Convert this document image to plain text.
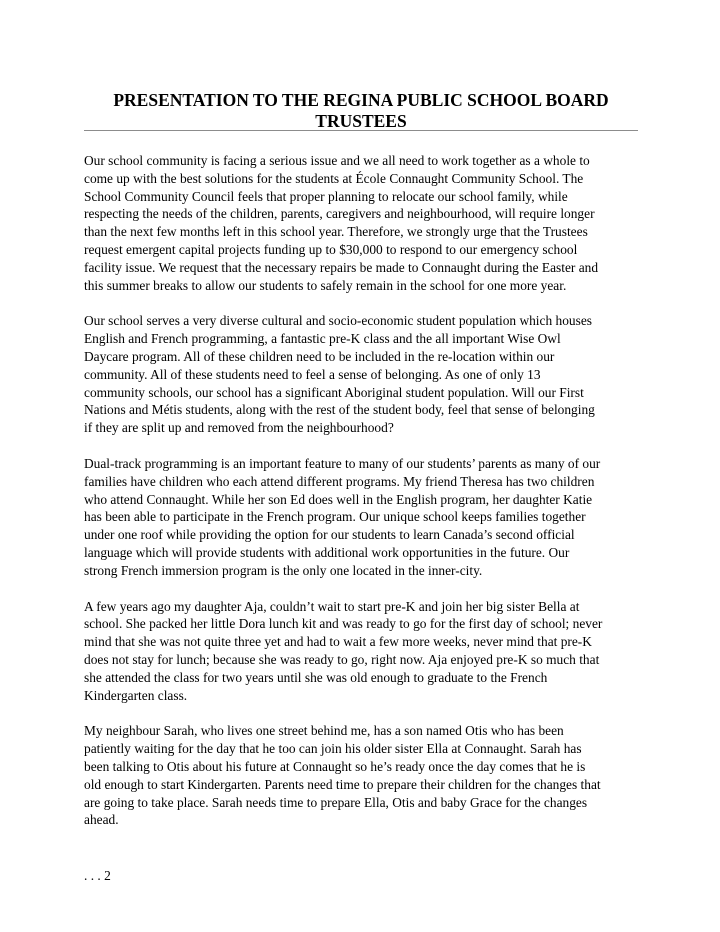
PRESENTATION TO THE REGINA PUBLIC SCHOOL BOARD
TRUSTEES

Our school community is facing a serious issue and we all need to work together as a whole to
come up with the best solutions for the students at École Connaught Community School. The
School Community Council feels that proper planning to relocate our school family, while
respecting the needs of the children, parents, caregivers and neighbourhood, will require longer
than the next few months left in this school year. Therefore, we strongly urge that the Trustees
request emergent capital projects funding up to $30,000 to respond to our emergency school
facility issue. We request that the necessary repairs be made to Connaught during the Easter and
this summer breaks to allow our students to safely remain in the school for one more year.

Our school serves a very diverse cultural and socio-economic student population which houses
English and French programming, a fantastic pre-K class and the all important Wise Owl
Daycare program. All of these children need to be included in the re-location within our
community. All of these students need to feel a sense of belonging. As one of only 13
community schools, our school has a significant Aboriginal student population. Will our First
Nations and Métis students, along with the rest of the student body, feel that sense of belonging
if they are split up and removed from the neighbourhood?

Dual-track programming is an important feature to many of our students’ parents as many of our
families have children who each attend different programs. My friend Theresa has two children
who attend Connaught. While her son Ed does well in the English program, her daughter Katie
has been able to participate in the French program. Our unique school keeps families together
under one roof while providing the option for our students to learn Canada’s second official
language which will provide students with additional work opportunities in the future. Our
strong French immersion program is the only one located in the inner-city.

A few years ago my daughter Aja, couldn’t wait to start pre-K and join her big sister Bella at
school. She packed her little Dora lunch kit and was ready to go for the first day of school; never
mind that she was not quite three yet and had to wait a few more weeks, never mind that pre-K
does not stay for lunch; because she was ready to go, right now. Aja enjoyed pre-K so much that
she attended the class for two years until she was old enough to graduate to the French
Kindergarten class.

My neighbour Sarah, who lives one street behind me, has a son named Otis who has been
patiently waiting for the day that he too can join his older sister Ella at Connaught. Sarah has
been talking to Otis about his future at Connaught so he’s ready once the day comes that he is
old enough to start Kindergarten. Parents need time to prepare their children for the changes that
are going to take place. Sarah needs time to prepare Ella, Otis and baby Grace for the changes
ahead.

. . . 2
